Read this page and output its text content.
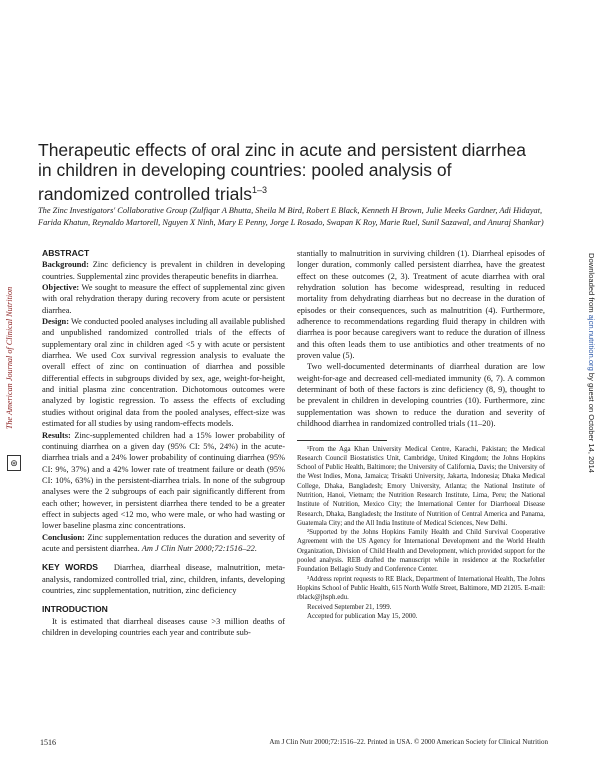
The American Journal of Clinical Nutrition
⊛
Downloaded from ajcn.nutrition.org by guest on October 14, 2014
Therapeutic effects of oral zinc in acute and persistent diarrhea in children in developing countries: pooled analysis of randomized controlled trials$^{1-3}$
The Zinc Investigators' Collaborative Group (Zulfiqar A Bhutta, Sheila M Bird, Robert E Black, Kenneth H Brown, Julie Meeks Gardner, Adi Hidayat, Farida Khatun, Reynaldo Martorell, Nguyen X Ninh, Mary E Penny, Jorge L Rosado, Swapan K Roy, Marie Ruel, Sunil Sazawal, and Anuraj Shankar)
ABSTRACT

Background: Zinc deficiency is prevalent in children in developing countries. Supplemental zinc provides therapeutic benefits in diarrhea.

Objective: We sought to measure the effect of supplemental zinc given with oral rehydration therapy during recovery from acute or persistent diarrhea.

Design: We conducted pooled analyses including all available published and unpublished randomized controlled trials of the effects of supplementary oral zinc in children aged <5 y with acute or persistent diarrhea. We used Cox survival regression analysis to evaluate the overall effect of zinc on continuation of diarrhea and possible differential effects in subgroups divided by sex, age, weight-for-height, and initial plasma zinc concentration. Dichotomous outcomes were analyzed by logistic regression. To assess the effects of excluding studies without original data from the pooled analyses, effect-size was estimated for all studies by using random-effects models.

Results: Zinc-supplemented children had a 15% lower probability of continuing diarrhea on a given day (95% CI: 5%, 24%) in the acute-diarrhea trials and a 24% lower probability of continuing diarrhea (95% CI: 9%, 37%) and a 42% lower rate of treatment failure or death (95% CI: 10%, 63%) in the persistent-diarrhea trials. In none of the subgroup analyses were the 2 subgroups of each pair significantly different from each other; however, in persistent diarrhea there tended to be a greater effect in subjects aged <12 mo, who were male, or who had wasting or lower baseline plasma zinc concentrations.

Conclusion: Zinc supplementation reduces the duration and severity of acute and persistent diarrhea. Am J Clin Nutr 2000;72:1516–22.

KEY WORDS Diarrhea, diarrheal disease, malnutrition, meta-analysis, randomized controlled trial, zinc, children, infants, developing countries, zinc supplementation, nutrition, zinc deficiency

INTRODUCTION

It is estimated that diarrheal diseases cause >3 million deaths of children in developing countries each year and contribute sub-

stantially to malnutrition in surviving children (1). Diarrheal episodes of longer duration, commonly called persistent diarrhea, have the greatest effect on these outcomes (2, 3). Treatment of acute diarrhea with oral rehydration solution has become widespread, resulting in reduced mortality from dehydrating diarrheas but no decrease in the duration of episodes or their consequences, such as malnutrition (4). Furthermore, adherence to recommendations regarding fluid therapy in children with diarrhea is poor because caregivers want to reduce the duration of illness and this often leads them to use antibiotics and other treatments of no proven value (5).

Two well-documented determinants of diarrheal duration are low weight-for-age and decreased cell-mediated immunity (6, 7). A common determinant of both of these factors is zinc deficiency (8, 9), thought to be prevalent in children in developing countries (10). Furthermore, zinc supplementation was shown to reduce the duration and severity of childhood diarrhea in randomized controlled trials (11–20).

¹From the Aga Khan University Medical Centre, Karachi, Pakistan; the Medical Research Council Biostatistics Unit, Cambridge, United Kingdom; the Johns Hopkins School of Public Health, Baltimore; the University of California, Davis; the University of the West Indies, Mona, Jamaica; Trisakti University, Jakarta, Indonesia; Dhaka Medical College, Dhaka, Bangladesh; Emory University, Atlanta; the National Institute of Nutrition, Hanoi, Vietnam; the Nutrition Research Institute, Lima, Peru; the National Institute of Nutrition, Mexico City; the International Center for Diarrhoeal Disease Research, Dhaka, Bangladesh; the Institute of Nutrition of Central America and Panama, Guatemala City; and the All India Institute of Medical Sciences, New Delhi.

²Supported by the Johns Hopkins Family Health and Child Survival Cooperative Agreement with the US Agency for International Development and the World Health Organization, Division of Child Health and Development, which provided support for the pooled analysis. REB drafted the manuscript while in residence at the Rockefeller Foundation Bellagio Study and Conference Center.

³Address reprint requests to RE Black, Department of International Health, The Johns Hopkins School of Public Health, 615 North Wolfe Street, Baltimore, MD 21205. E-mail: rblack@jhsph.edu.

Received September 21, 1999.

Accepted for publication May 15, 2000.

1516	Am J Clin Nutr 2000;72:1516–22. Printed in USA. © 2000 American Society for Clinical Nutrition
